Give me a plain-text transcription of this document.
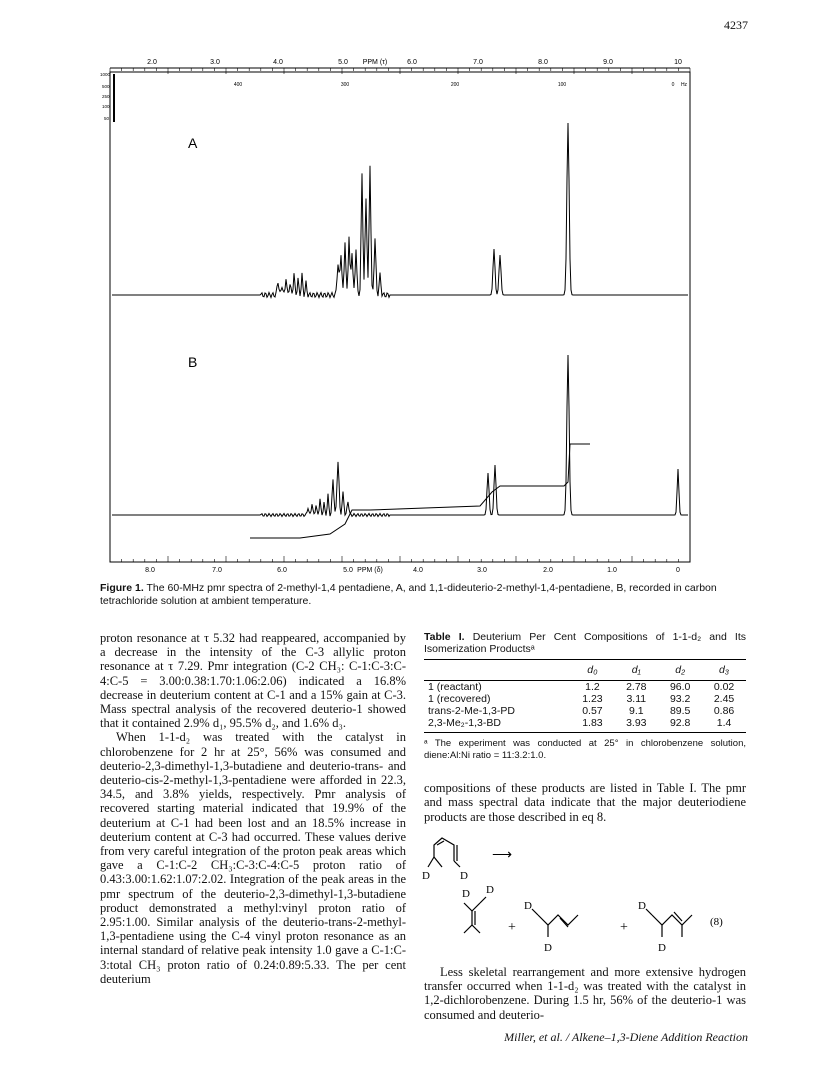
4237
2.0	3.0	4.0	5.0 PPM (τ)	6.0	7.0	8.0	9.0	10
400	300	200	100	0 Hz
1000
500
250
100
50
A
B
8.0	7.0	6.0	5.0 PPM (δ)	4.0	3.0	2.0	1.0	0
Figure 1. The 60-MHz pmr spectra of 2-methyl-1,4 pentadiene, A, and 1,1-dideuterio-2-methyl-1,4-pentadiene, B, recorded in carbon tetrachloride solution at ambient temperature.

proton resonance at τ 5.32 had reappeared, accompanied by a decrease in the intensity of the C-3 allylic proton resonance at τ 7.29. Pmr integration (C-2 CH₃: C-1:C-3:C-4:C-5 = 3.00:0.38:1.70:1.06:2.06) indicated a 16.8% decrease in deuterium content at C-1 and a 15% gain at C-3. Mass spectral analysis of the recovered deuterio-1 showed that it contained 2.9% d₁, 95.5% d₂, and 1.6% d₃.

When 1-1-d₂ was treated with the catalyst in chlorobenzene for 2 hr at 25°, 56% was consumed and deuterio-2,3-dimethyl-1,3-butadiene and deuterio-trans- and deuterio-cis-2-methyl-1,3-pentadiene were afforded in 22.3, 34.5, and 3.8% yields, respectively. Pmr analysis of recovered starting material indicated that 19.9% of the deuterium at C-1 had been lost and an 18.5% increase in deuterium content at C-3 had occurred. These values derive from very careful integration of the proton peak areas which gave a C-1:C-2 CH₃:C-3:C-4:C-5 proton ratio of 0.43:3.00:1.62:1.07:2.02. Integration of the peak areas in the pmr spectrum of the deuterio-2,3-dimethyl-1,3-butadiene product demonstrated a methyl:vinyl proton ratio of 2.95:1.00. Similar analysis of the deuterio-trans-2-methyl-1,3-pentadiene using the C-4 vinyl proton resonance as an internal standard of relative peak intensity 1.0 gave a C-1:C-3:total CH₃ proton ratio of 0.24:0.89:5.33. The per cent deuterium

Table I. Deuterium Per Cent Compositions of 1-1-d₂ and Its Isomerization Productsᵃ
	d₀	d₁	d₂	d₃
1 (reactant)	1.2	2.78	96.0	0.02
1 (recovered)	1.23	3.11	93.2	2.45
trans-2-Me-1,3-PD	0.57	9.1	89.5	0.86
2,3-Me₂-1,3-BD	1.83	3.93	92.8	1.4
ᵃ The experiment was conducted at 25° in chlorobenzene solution, diene:Al:Ni ratio = 11:3.2:1.0.

compositions of these products are listed in Table I. The pmr and mass spectral data indicate that the major deuteriodiene products are those described in eq 8.

D	D
⟶
D D
+
D
D
+
D
D
(8)

Less skeletal rearrangement and more extensive hydrogen transfer occurred when 1-1-d₂ was treated with the catalyst in 1,2-dichlorobenzene. During 1.5 hr, 56% of the deuterio-1 was consumed and deuterio-

Miller, et al. / Alkene–1,3-Diene Addition Reaction
